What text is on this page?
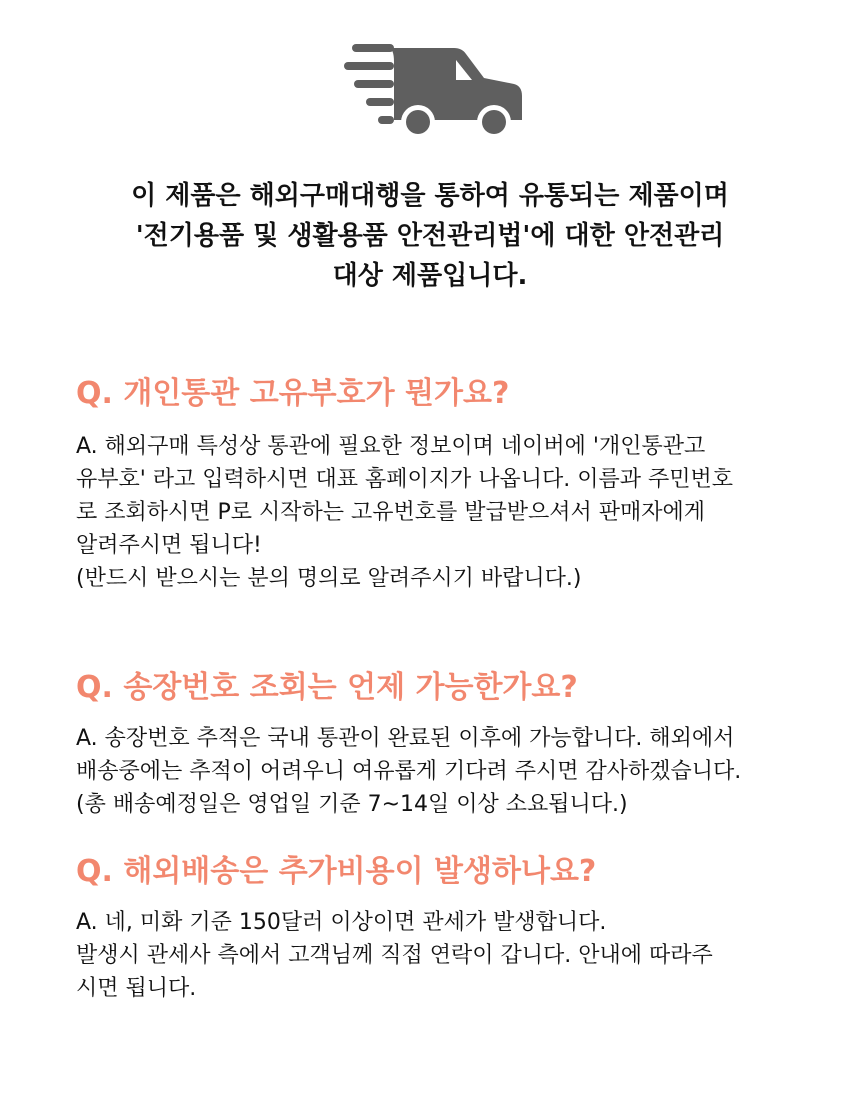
이 제품은 해외구매대행을 통하여 유통되는 제품이며
'전기용품 및 생활용품 안전관리법'에 대한 안전관리
대상 제품입니다.
Q. 개인통관 고유부호가 뭔가요?
A. 해외구매 특성상 통관에 필요한 정보이며 네이버에 '개인통관고
유부호' 라고 입력하시면 대표 홈페이지가 나옵니다. 이름과 주민번호
로 조회하시면 P로 시작하는 고유번호를 발급받으셔서 판매자에게
알려주시면 됩니다!
(반드시 받으시는 분의 명의로 알려주시기 바랍니다.)
Q. 송장번호 조회는 언제 가능한가요?
A. 송장번호 추적은 국내 통관이 완료된 이후에 가능합니다. 해외에서
배송중에는 추적이 어려우니 여유롭게 기다려 주시면 감사하겠습니다.
(총 배송예정일은 영업일 기준 7~14일 이상 소요됩니다.)
Q. 해외배송은 추가비용이 발생하나요?
A. 네, 미화 기준 150달러 이상이면 관세가 발생합니다.
발생시 관세사 측에서 고객님께 직접 연락이 갑니다. 안내에 따라주
시면 됩니다.
